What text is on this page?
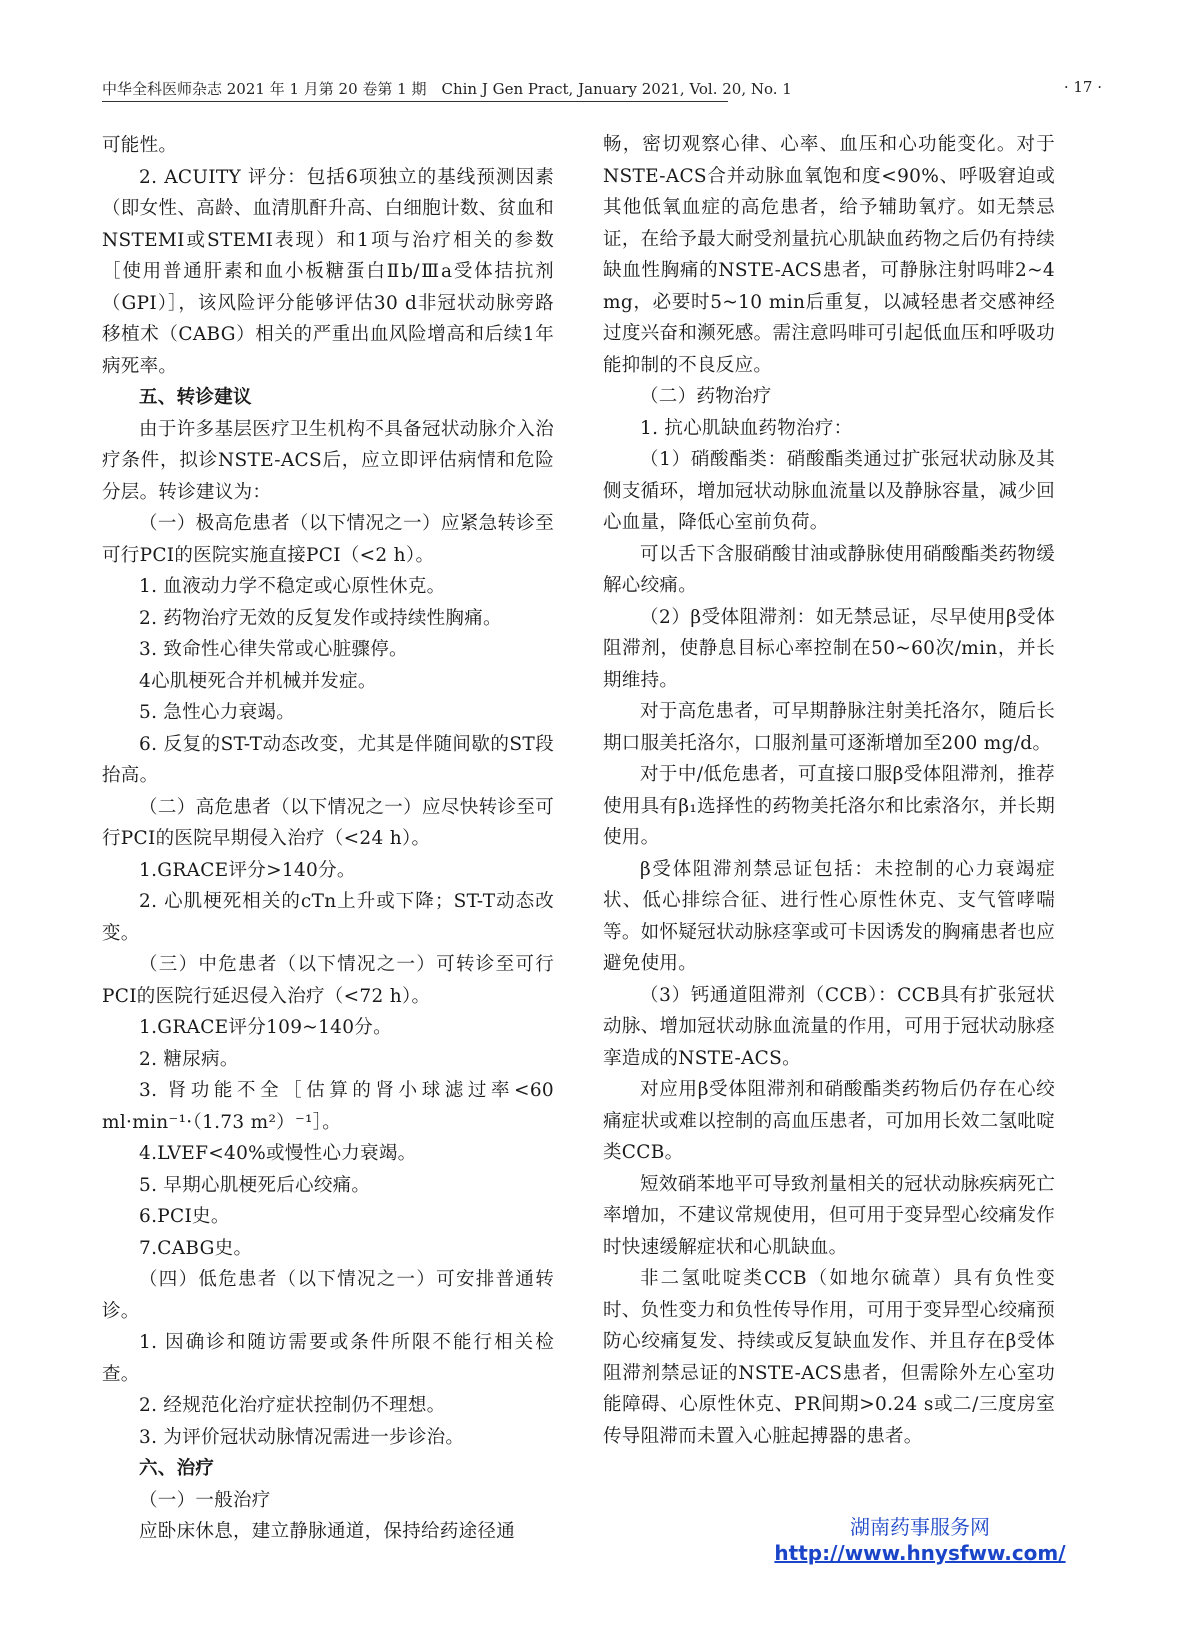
中华全科医师杂志 2021 年 1 月第 20 卷第 1 期　Chin J Gen Pract, January 2021, Vol. 20, No. 1	· 17 ·

可能性。

2. ACUITY 评分：包括6项独立的基线预测因素（即女性、高龄、血清肌酐升高、白细胞计数、贫血和NSTEMI或STEMI表现）和1项与治疗相关的参数［使用普通肝素和血小板糖蛋白Ⅱb/Ⅲa受体拮抗剂（GPI）］，该风险评分能够评估30 d非冠状动脉旁路移植术（CABG）相关的严重出血风险增高和后续1年病死率。

五、转诊建议

由于许多基层医疗卫生机构不具备冠状动脉介入治疗条件，拟诊NSTE-ACS后，应立即评估病情和危险分层。转诊建议为：

（一）极高危患者（以下情况之一）应紧急转诊至可行PCI的医院实施直接PCI（<2 h）。

1. 血液动力学不稳定或心原性休克。

2. 药物治疗无效的反复发作或持续性胸痛。

3. 致命性心律失常或心脏骤停。

4心肌梗死合并机械并发症。

5. 急性心力衰竭。

6. 反复的ST-T动态改变，尤其是伴随间歇的ST段抬高。

（二）高危患者（以下情况之一）应尽快转诊至可行PCI的医院早期侵入治疗（<24 h）。

1.GRACE评分>140分。

2. 心肌梗死相关的cTn上升或下降；ST-T动态改变。

（三）中危患者（以下情况之一）可转诊至可行PCI的医院行延迟侵入治疗（<72 h）。

1.GRACE评分109~140分。

2. 糖尿病。

3. 肾功能不全［估算的肾小球滤过率<60 ml·min⁻¹·（1.73 m²）⁻¹］。

4.LVEF<40%或慢性心力衰竭。

5. 早期心肌梗死后心绞痛。

6.PCI史。

7.CABG史。

（四）低危患者（以下情况之一）可安排普通转诊。

1. 因确诊和随访需要或条件所限不能行相关检查。

2. 经规范化治疗症状控制仍不理想。

3. 为评价冠状动脉情况需进一步诊治。

六、治疗

（一）一般治疗

应卧床休息，建立静脉通道，保持给药途径通

畅，密切观察心律、心率、血压和心功能变化。对于NSTE-ACS合并动脉血氧饱和度<90%、呼吸窘迫或其他低氧血症的高危患者，给予辅助氧疗。如无禁忌证，在给予最大耐受剂量抗心肌缺血药物之后仍有持续缺血性胸痛的NSTE-ACS患者，可静脉注射吗啡2~4 mg，必要时5~10 min后重复，以减轻患者交感神经过度兴奋和濒死感。需注意吗啡可引起低血压和呼吸功能抑制的不良反应。

（二）药物治疗

1. 抗心肌缺血药物治疗：

（1）硝酸酯类：硝酸酯类通过扩张冠状动脉及其侧支循环，增加冠状动脉血流量以及静脉容量，减少回心血量，降低心室前负荷。

可以舌下含服硝酸甘油或静脉使用硝酸酯类药物缓解心绞痛。

（2）β受体阻滞剂：如无禁忌证，尽早使用β受体阻滞剂，使静息目标心率控制在50~60次/min，并长期维持。

对于高危患者，可早期静脉注射美托洛尔，随后长期口服美托洛尔，口服剂量可逐渐增加至200 mg/d。

对于中/低危患者，可直接口服β受体阻滞剂，推荐使用具有β₁选择性的药物美托洛尔和比索洛尔，并长期使用。

β受体阻滞剂禁忌证包括：未控制的心力衰竭症状、低心排综合征、进行性心原性休克、支气管哮喘等。如怀疑冠状动脉痉挛或可卡因诱发的胸痛患者也应避免使用。

（3）钙通道阻滞剂（CCB）：CCB具有扩张冠状动脉、增加冠状动脉血流量的作用，可用于冠状动脉痉挛造成的NSTE-ACS。

对应用β受体阻滞剂和硝酸酯类药物后仍存在心绞痛症状或难以控制的高血压患者，可加用长效二氢吡啶类CCB。

短效硝苯地平可导致剂量相关的冠状动脉疾病死亡率增加，不建议常规使用，但可用于变异型心绞痛发作时快速缓解症状和心肌缺血。

非二氢吡啶类CCB（如地尔硫䓬）具有负性变时、负性变力和负性传导作用，可用于变异型心绞痛预防心绞痛复发、持续或反复缺血发作、并且存在β受体阻滞剂禁忌证的NSTE-ACS患者，但需除外左心室功能障碍、心原性休克、PR间期>0.24 s或二/三度房室传导阻滞而未置入心脏起搏器的患者。

湖南药事服务网
http://www.hnysfww.com/
